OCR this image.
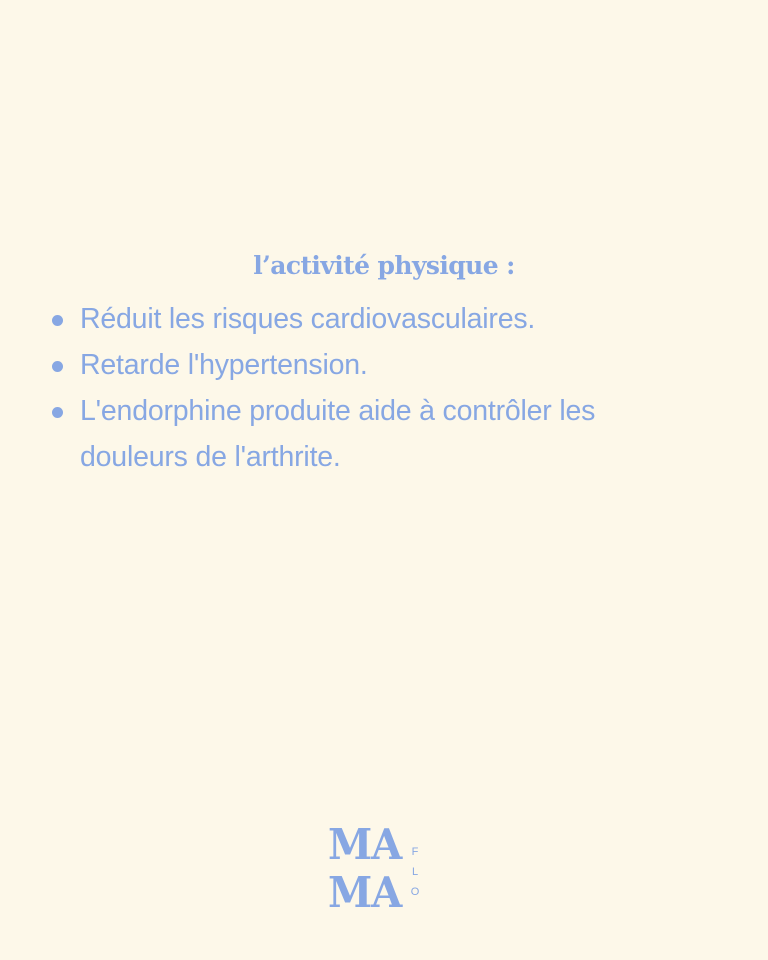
l’activité physique :
Réduit les risques cardiovasculaires.
Retarde l'hypertension.
L'endorphine produite aide à contrôler les douleurs de l'arthrite.
MA
MA
F
L
O
